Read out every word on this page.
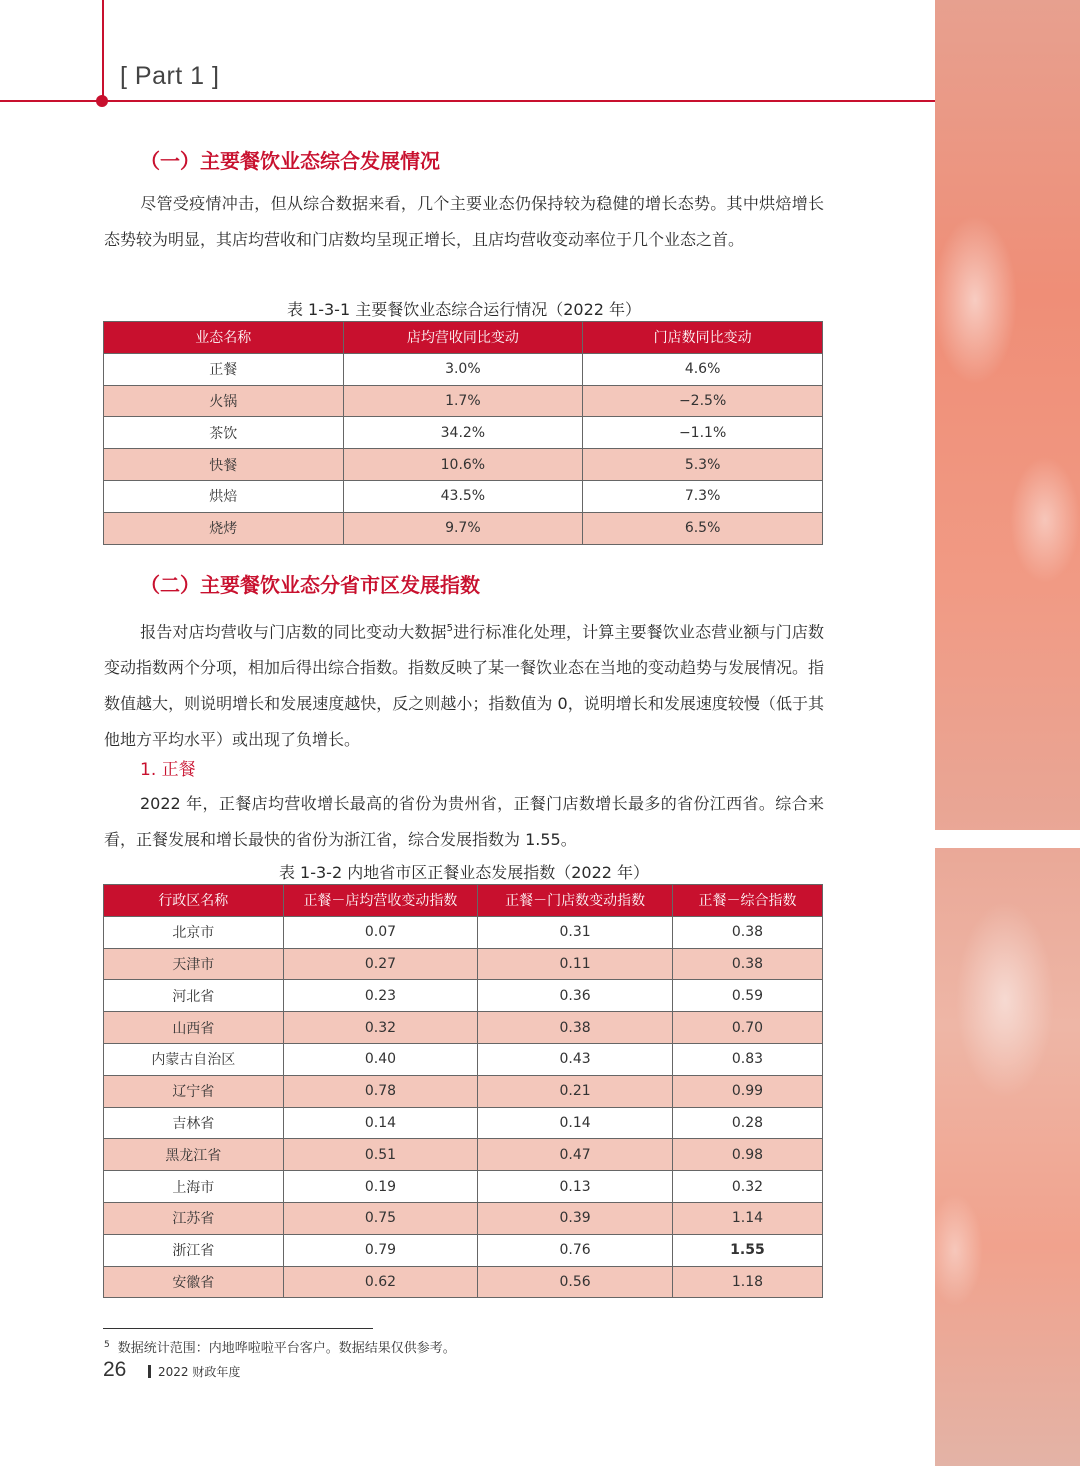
[ Part 1 ]
（一）主要餐饮业态综合发展情况

尽管受疫情冲击，但从综合数据来看，几个主要业态仍保持较为稳健的增长态势。其中烘焙增长态势较为明显，其店均营收和门店数均呈现正增长，且店均营收变动率位于几个业态之首。

表 1-3-1 主要餐饮业态综合运行情况（2022 年）
业态名称	店均营收同比变动	门店数同比变动
正餐	3.0%	4.6%
火锅	1.7%	−2.5%
茶饮	34.2%	−1.1%
快餐	10.6%	5.3%
烘焙	43.5%	7.3%
烧烤	9.7%	6.5%
（二）主要餐饮业态分省市区发展指数

报告对店均营收与门店数的同比变动大数据$^5$进行标准化处理，计算主要餐饮业态营业额与门店数变动指数两个分项，相加后得出综合指数。指数反映了某一餐饮业态在当地的变动趋势与发展情况。指数值越大，则说明增长和发展速度越快，反之则越小；指数值为 0，说明增长和发展速度较慢（低于其他地方平均水平）或出现了负增长。

1. 正餐

2022 年，正餐店均营收增长最高的省份为贵州省，正餐门店数增长最多的省份江西省。综合来看，正餐发展和增长最快的省份为浙江省，综合发展指数为 1.55。

表 1-3-2 内地省市区正餐业态发展指数（2022 年）
行政区名称	正餐－店均营收变动指数	正餐－门店数变动指数	正餐－综合指数
北京市	0.07	0.31	0.38
天津市	0.27	0.11	0.38
河北省	0.23	0.36	0.59
山西省	0.32	0.38	0.70
内蒙古自治区	0.40	0.43	0.83
辽宁省	0.78	0.21	0.99
吉林省	0.14	0.14	0.28
黑龙江省	0.51	0.47	0.98
上海市	0.19	0.13	0.32
江苏省	0.75	0.39	1.14
浙江省	0.79	0.76	1.55
安徽省	0.62	0.56	1.18
$^5$ 数据统计范围：内地哗啦啦平台客户。数据结果仅供参考。
26	2022 财政年度
